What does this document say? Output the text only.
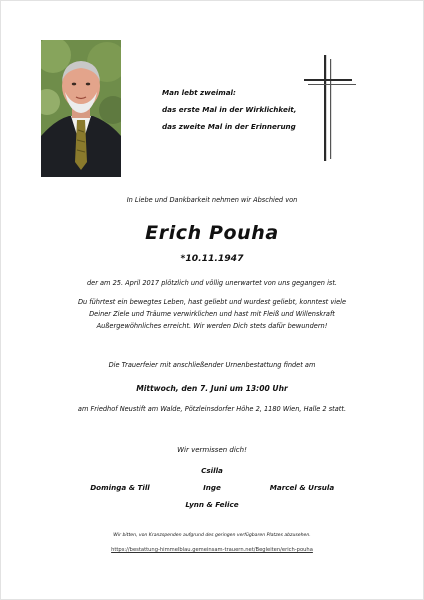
Man lebt zweimal:
das erste Mal in der Wirklichkeit,
das zweite Mal in der Erinnerung
In Liebe und Dankbarkeit nehmen wir Abschied von
Erich Pouha
*10.11.1947
der am 25. April 2017 plötzlich und völlig unerwartet von uns gegangen ist.
Du führtest ein bewegtes Leben, hast geliebt und wurdest geliebt, konntest viele
Deiner Ziele und Träume verwirklichen und hast mit Fleiß und Willenskraft
Außergewöhnliches erreicht. Wir werden Dich stets dafür bewundern!
Die Trauerfeier mit anschließender Urnenbestattung findet am
Mittwoch, den 7. Juni um 13:00 Uhr
am Friedhof Neustift am Walde, Pötzleinsdorfer Höhe 2, 1180 Wien, Halle 2 statt.
Wir vermissen dich!
Csilla
Dominga & Till	Inge	Marcel & Ursula
Lynn & Felice
Wir bitten, von Kranzspenden aufgrund des geringen verfügbaren Platzes abzusehen.
https://bestattung-himmelblau.gemeinsam-trauern.net/Begleiten/erich-pouha
